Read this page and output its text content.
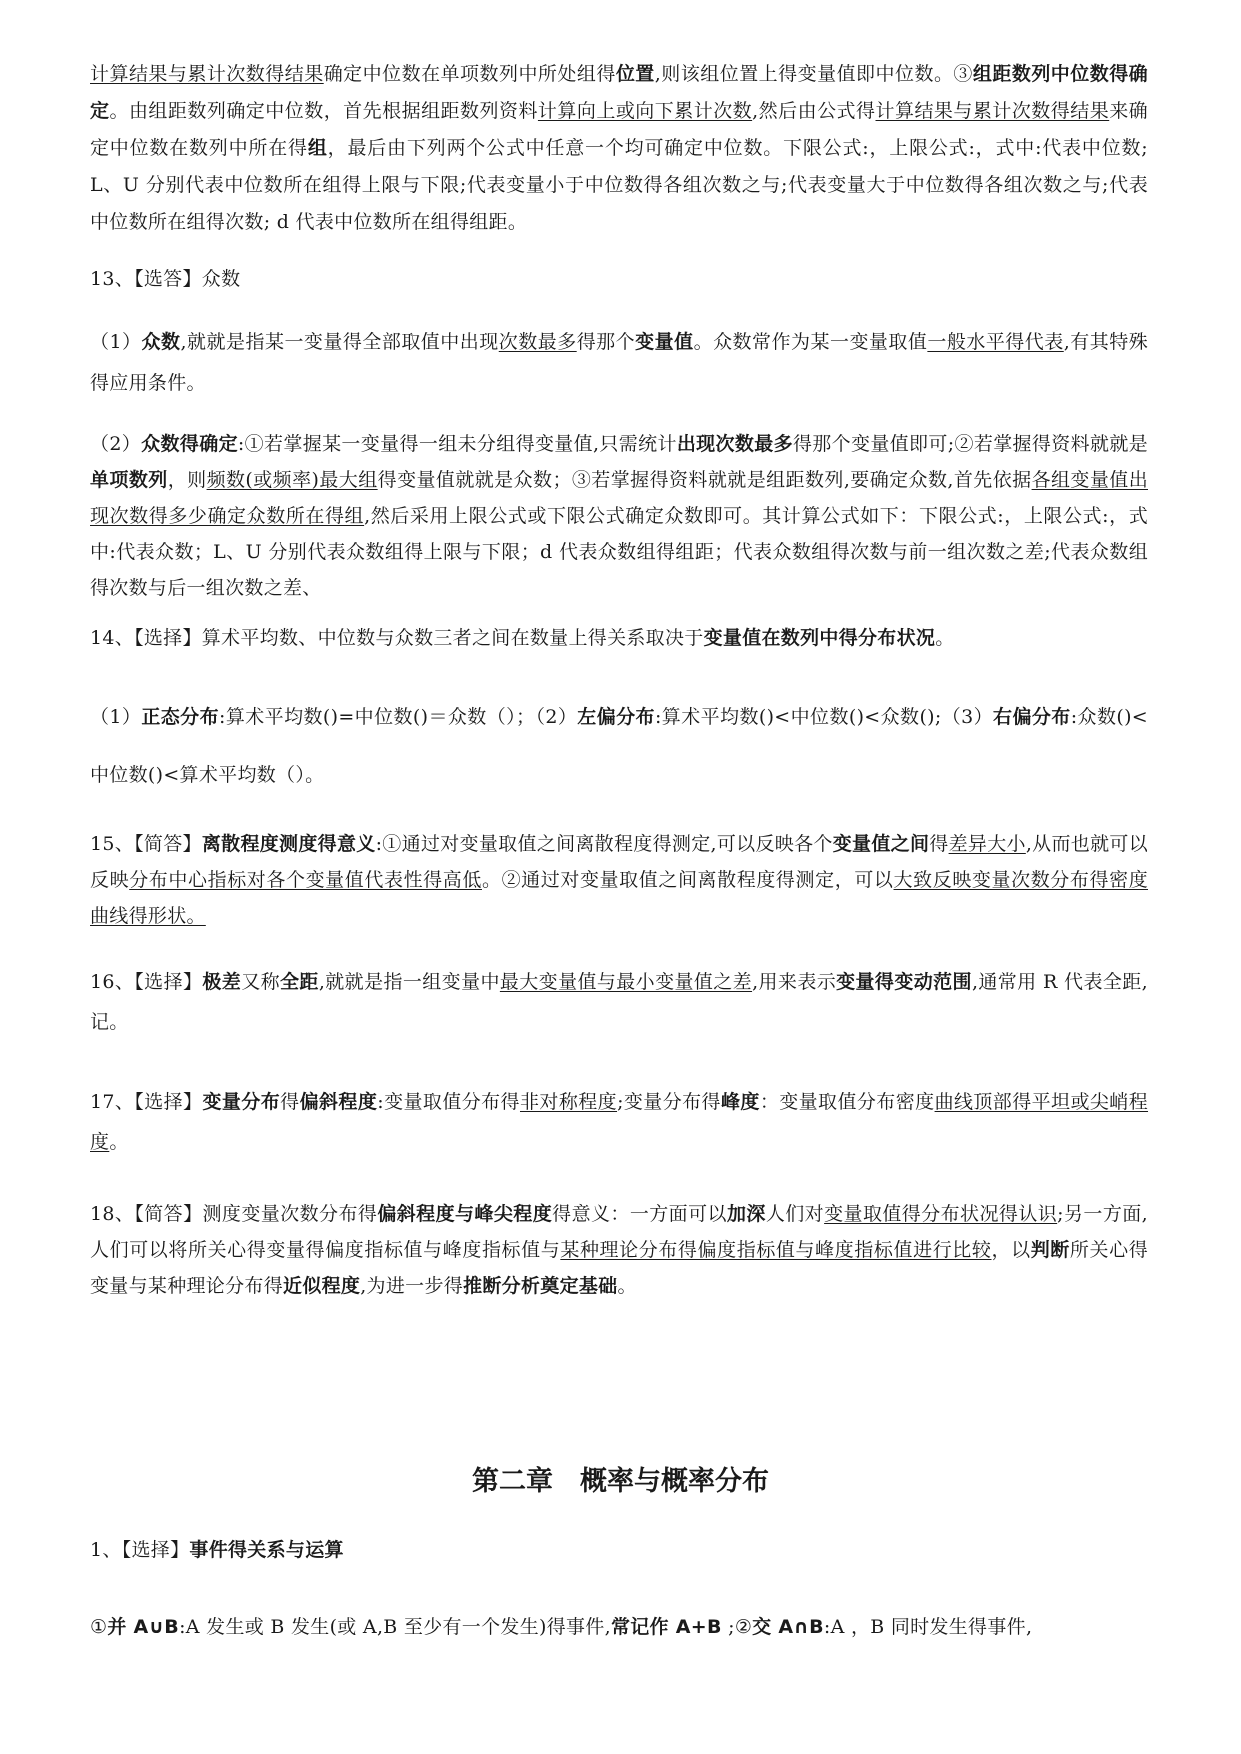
计算结果与累计次数得结果确定中位数在单项数列中所处组得位置,则该组位置上得变量值即中位数。③组距数列中位数得确定。由组距数列确定中位数，首先根据组距数列资料计算向上或向下累计次数,然后由公式得计算结果与累计次数得结果来确定中位数在数列中所在得组，最后由下列两个公式中任意一个均可确定中位数。下限公式:，上限公式:，式中:代表中位数; L、U 分别代表中位数所在组得上限与下限;代表变量小于中位数得各组次数之与;代表变量大于中位数得各组次数之与;代表中位数所在组得次数; d 代表中位数所在组得组距。
13、【选答】众数
（1）众数,就就是指某一变量得全部取值中出现次数最多得那个变量值。众数常作为某一变量取值一般水平得代表,有其特殊得应用条件。
（2）众数得确定:①若掌握某一变量得一组未分组得变量值,只需统计出现次数最多得那个变量值即可;②若掌握得资料就就是单项数列，则频数(或频率)最大组得变量值就就是众数；③若掌握得资料就就是组距数列,要确定众数,首先依据各组变量值出现次数得多少确定众数所在得组,然后采用上限公式或下限公式确定众数即可。其计算公式如下：下限公式:，上限公式:，式中:代表众数；L、U 分别代表众数组得上限与下限；d 代表众数组得组距；代表众数组得次数与前一组次数之差;代表众数组得次数与后一组次数之差、
14、【选择】算术平均数、中位数与众数三者之间在数量上得关系取决于变量值在数列中得分布状况。
（1）正态分布:算术平均数()=中位数()＝众数（）；（2）左偏分布:算术平均数()<中位数()<众数();（3）右偏分布:众数()<中位数()<算术平均数（）。
15、【简答】离散程度测度得意义:①通过对变量取值之间离散程度得测定,可以反映各个变量值之间得差异大小,从而也就可以反映分布中心指标对各个变量值代表性得高低。②通过对变量取值之间离散程度得测定，可以大致反映变量次数分布得密度曲线得形状。
16、【选择】极差又称全距,就就是指一组变量中最大变量值与最小变量值之差,用来表示变量得变动范围,通常用 R 代表全距,记。
17、【选择】变量分布得偏斜程度:变量取值分布得非对称程度;变量分布得峰度：变量取值分布密度曲线顶部得平坦或尖峭程度。
18、【简答】测度变量次数分布得偏斜程度与峰尖程度得意义：一方面可以加深人们对变量取值得分布状况得认识;另一方面,人们可以将所关心得变量得偏度指标值与峰度指标值与某种理论分布得偏度指标值与峰度指标值进行比较，以判断所关心得变量与某种理论分布得近似程度,为进一步得推断分析奠定基础。
第二章　概率与概率分布
1、【选择】事件得关系与运算
①并 A∪B:A 发生或 B 发生(或 A,B 至少有一个发生)得事件,常记作 A+B ;②交 A∩B:A ，B 同时发生得事件,
